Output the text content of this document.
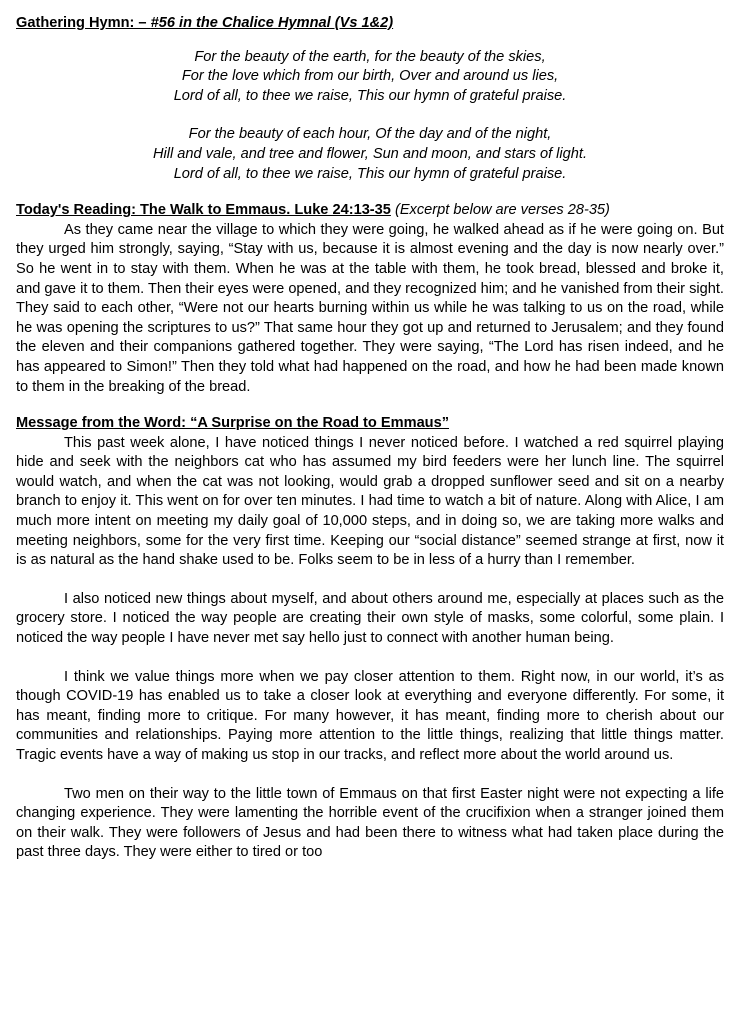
Gathering Hymn: – #56 in the Chalice Hymnal (Vs 1&2)

For the beauty of the earth, for the beauty of the skies,

For the love which from our birth, Over and around us lies,

Lord of all, to thee we raise, This our hymn of grateful praise.

For the beauty of each hour, Of the day and of the night,

Hill and vale, and tree and flower, Sun and moon, and stars of light.

Lord of all, to thee we raise, This our hymn of grateful praise.

Today's Reading: The Walk to Emmaus. Luke 24:13-35 (Excerpt below are verses 28-35)

As they came near the village to which they were going, he walked ahead as if he were going on. But they urged him strongly, saying, “Stay with us, because it is almost evening and the day is now nearly over.” So he went in to stay with them. When he was at the table with them, he took bread, blessed and broke it, and gave it to them. Then their eyes were opened, and they recognized him; and he vanished from their sight. They said to each other, “Were not our hearts burning within us while he was talking to us on the road, while he was opening the scriptures to us?” That same hour they got up and returned to Jerusalem; and they found the eleven and their companions gathered together. They were saying, “The Lord has risen indeed, and he has appeared to Simon!” Then they told what had happened on the road, and how he had been made known to them in the breaking of the bread.

Message from the Word: “A Surprise on the Road to Emmaus”

This past week alone, I have noticed things I never noticed before. I watched a red squirrel playing hide and seek with the neighbors cat who has assumed my bird feeders were her lunch line. The squirrel would watch, and when the cat was not looking, would grab a dropped sunflower seed and sit on a nearby branch to enjoy it. This went on for over ten minutes. I had time to watch a bit of nature. Along with Alice, I am much more intent on meeting my daily goal of 10,000 steps, and in doing so, we are taking more walks and meeting neighbors, some for the very first time. Keeping our “social distance” seemed strange at first, now it is as natural as the hand shake used to be. Folks seem to be in less of a hurry than I remember.

I also noticed new things about myself, and about others around me, especially at places such as the grocery store. I noticed the way people are creating their own style of masks, some colorful, some plain. I noticed the way people I have never met say hello just to connect with another human being.

I think we value things more when we pay closer attention to them. Right now, in our world, it’s as though COVID-19 has enabled us to take a closer look at everything and everyone differently. For some, it has meant, finding more to critique. For many however, it has meant, finding more to cherish about our communities and relationships. Paying more attention to the little things, realizing that little things matter. Tragic events have a way of making us stop in our tracks, and reflect more about the world around us.

Two men on their way to the little town of Emmaus on that first Easter night were not expecting a life changing experience. They were lamenting the horrible event of the crucifixion when a stranger joined them on their walk. They were followers of Jesus and had been there to witness what had taken place during the past three days. They were either to tired or too
